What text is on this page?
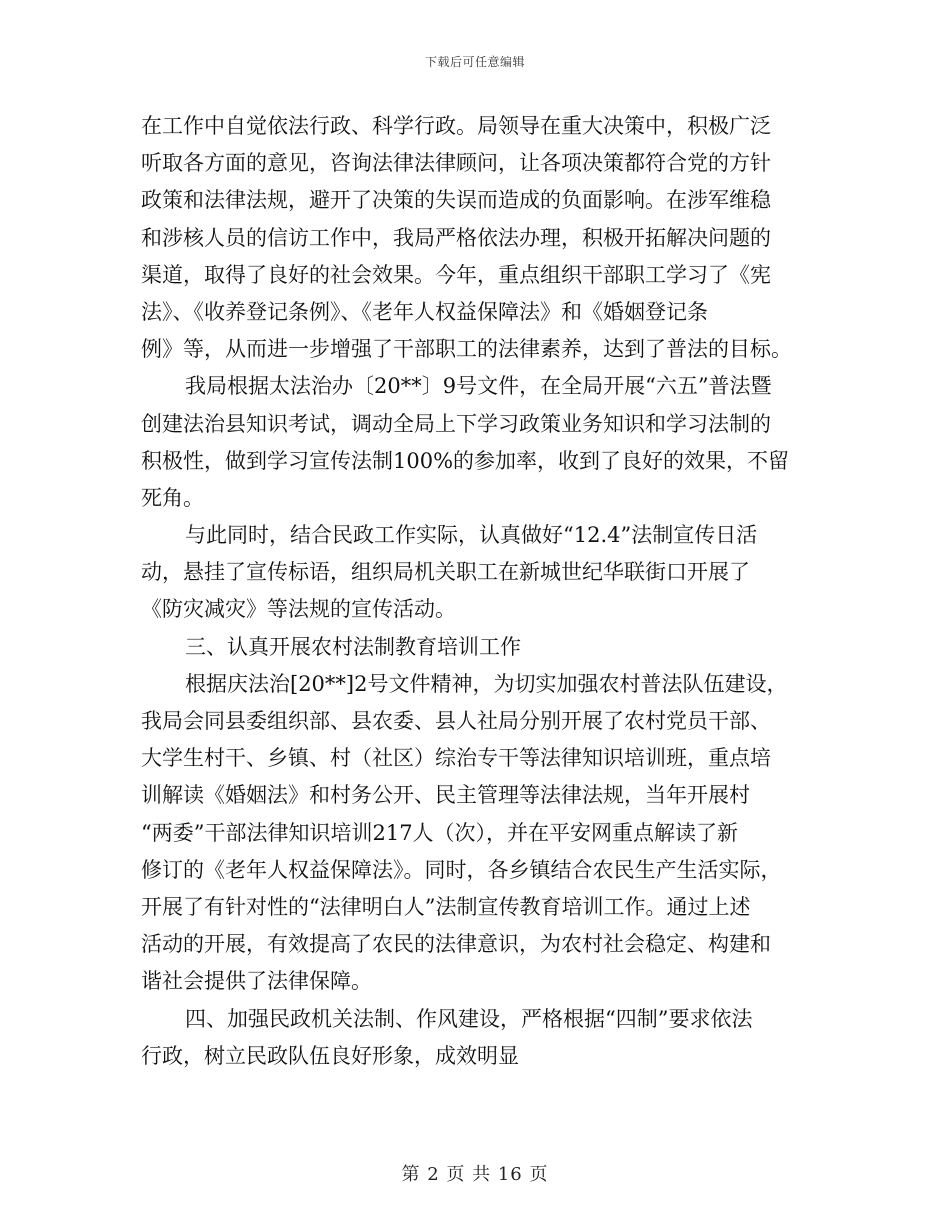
下载后可任意编辑
在工作中自觉依法行政、科学行政。局领导在重大决策中，积极广泛
听取各方面的意见，咨询法律法律顾问，让各项决策都符合党的方针
政策和法律法规，避开了决策的失误而造成的负面影响。在涉军维稳
和涉核人员的信访工作中，我局严格依法办理，积极开拓解决问题的
渠道，取得了良好的社会效果。今年，重点组织干部职工学习了《宪
法》、《收养登记条例》、《老年人权益保障法》和《婚姻登记条
例》等，从而进一步增强了干部职工的法律素养，达到了普法的目标。
我局根据太法治办〔20**〕9号文件，在全局开展“六五”普法暨
创建法治县知识考试，调动全局上下学习政策业务知识和学习法制的
积极性，做到学习宣传法制100%的参加率，收到了良好的效果，不留
死角。
与此同时，结合民政工作实际，认真做好“12.4”法制宣传日活
动，悬挂了宣传标语，组织局机关职工在新城世纪华联街口开展了
《防灾减灾》等法规的宣传活动。
三、认真开展农村法制教育培训工作
根据庆法治[20**]2号文件精神，为切实加强农村普法队伍建设，
我局会同县委组织部、县农委、县人社局分别开展了农村党员干部、
大学生村干、乡镇、村（社区）综治专干等法律知识培训班，重点培
训解读《婚姻法》和村务公开、民主管理等法律法规，当年开展村
“两委”干部法律知识培训217人（次），并在平安网重点解读了新
修订的《老年人权益保障法》。同时，各乡镇结合农民生产生活实际，
开展了有针对性的“法律明白人”法制宣传教育培训工作。通过上述
活动的开展，有效提高了农民的法律意识，为农村社会稳定、构建和
谐社会提供了法律保障。
四、加强民政机关法制、作风建设，严格根据“四制”要求依法
行政，树立民政队伍良好形象，成效明显
第 2 页 共 16 页
